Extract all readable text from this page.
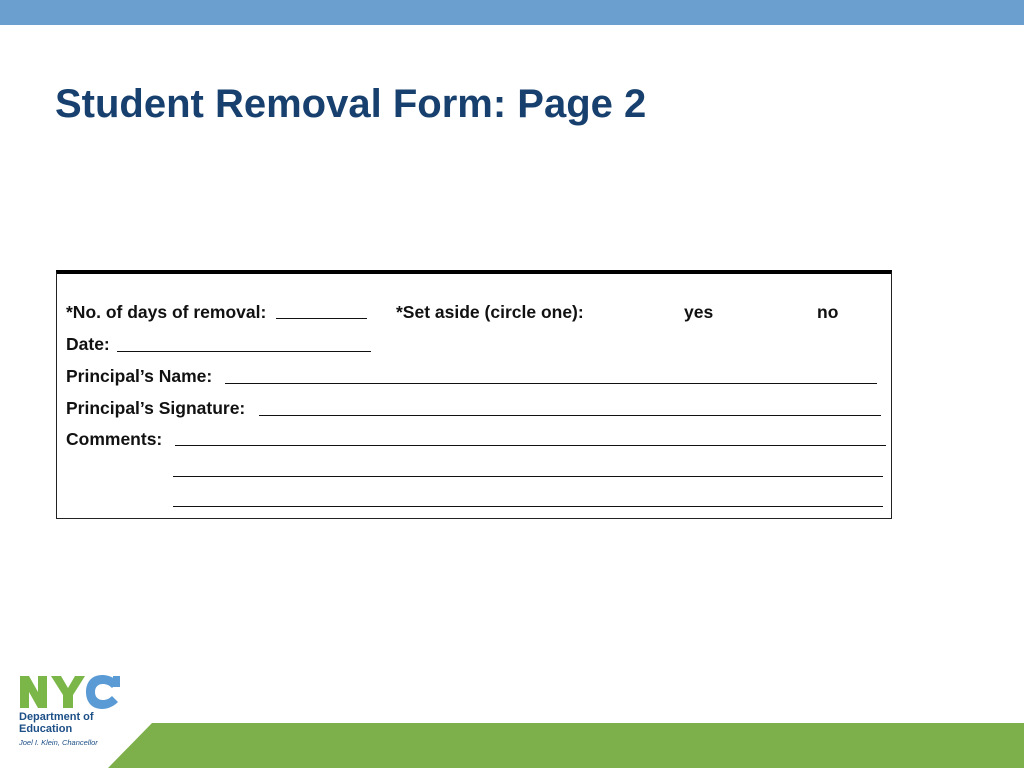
Student Removal Form: Page 2
*No. of days of removal:	*Set aside (circle one):	yes	no
Date:
Principal’s Name:
Principal’s Signature:
Comments:
Department of
Education
Joel I. Klein, Chancellor
